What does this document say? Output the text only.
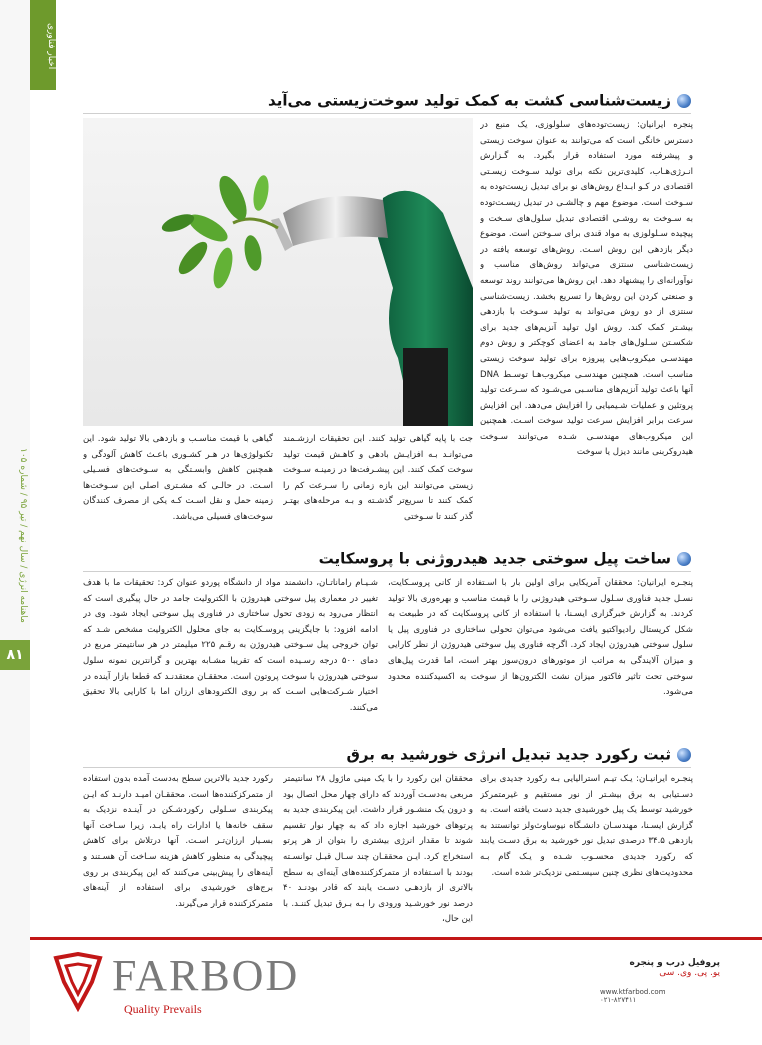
اخبار فناوری
ماهنامه انرژی / سال نهم / تیر ۹۵ / شماره ۱۰۵
۸۱
زیست‌شناسی کشت به کمک تولید سوخت‌زیستی می‌آید
پنجره ایرانیان: زیست‌توده‌های سلولوزی، یک منبع در دسترس خانگی است که می‌توانند به عنوان سوخت زیستی و پیشرفته مورد استفاده قرار بگیرد. به گـزارش انـرژی‌هـاب، کلیدی‌ترین نکته برای تولید سـوخت زیسـتی اقتصادی در کـو ابـداع روش‌های نو برای تبدیل زیست‌توده به سـوخت است. موضوع مهم و چالشـی در تبدیل زیسـت‌توده به سـوخت به روشـی اقتصادی تبدیل سلول‌های سـخت و پیچیده سـلولوزی به مواد قندی برای سـوختن است. موضوع دیگر بازدهی این روش اسـت. روش‌های توسعه یافته در زیست‌شناسی سنتزی می‌تواند روش‌های مناسب و نوآورانه‌ای را پیشنهاد دهد. این روش‌ها می‌توانند روند توسعه و صنعتی کردن این روش‌ها را تسریع بخشد. زیست‌شناسی سنتزی از دو روش می‌تواند به تولید سـوخت با بازدهی بیشـتر کمک کند. روش اول تولید آنزیم‌های جدید برای شکسـتن سـلول‌های جامد به اعضای کوچکتر و روش دوم مهندسـی میکروب‌هایی پیروزه برای تولید سوخت زیستی مناسب است. همچنین مهندسـی میکروب‌هـا توسـط DNA آنها باعث تولید آنزیم‌های مناسـبی می‌شـود که سـرعت تولید پروتئین و عملیات شـیمیایی را افزایش می‌دهد. این افزایش سرعت برابر افزایش سرعت تولید سوخت اسـت. همچنین این میکروب‌های مهندسـی شـده می‌توانند سـوخت هیدروکربنی مانند دیزل یا سوخت
جت با پایه گیاهی تولید کنند. این تحقیقات ارزشـمند می‌توانـد بـه افزایـش بادهی و کاهـش قیمت تولید سوخت کمک کنند. این پیشـرفت‌ها در زمینـه سـوخت زیستی می‌توانند این بازه زمانی را سـرعت کم را کمک کنند تا سریع‌تر گذشـته و بـه مرحله‌های بهتـر گذر کنند تا سـوختی
گیاهی با قیمت مناسـب و بازدهی بالا تولید شود. این تکنولوژی‌ها در هـر کشـوری باعـث کاهش آلودگی و همچنین کاهش وابسـتگی به سـوخت‌های فسـیلی اسـت. در حالـی که مشـتری اصلی این سـوخت‌ها زمینه حمل و نقل اسـت کـه یکی از مصرف کنندگان سوخت‌های فسیلی می‌باشد.
ساخت پیل سوختی جدید هیدروژنی با پروسکایت
پنجـره ایرانیان: محققان آمریکایی برای اولین بار با اسـتفاده از کانی پروسـکایت، نسـل جدید فناوری سـلول سـوختی هیدروژنی را با قیمت مناسب و بهره‌وری بالا تولید کردند. به گزارش خبرگزاری ایسـنا، با استفاده از کانی پروسکایت که در طبیعت به شکل کریستال رادیواکتیو یافت می‌شود می‌توان تحولی ساختاری در فناوری پیل یا سلول سوختی هیدروژن ایجاد کرد. اگرچه فناوری پیل سوختی هیدروژن از نظر کارایی و میزان آلایندگی به مراتب از موتورهای درون‌سوز بهتر است، اما قدرت پیل‌های سوختی تحت تاثیر فاکتور میزان نشت الکترون‌ها از سوخت به اکسیدکننده محدود می‌شود.
شـیـام راماناتـان، دانشمند مواد از دانشگاه پوردو عنوان کرد: تحقیقات ما با هدف تغییر در معماری پیل سوختی هیدروژن با الکترولیت جامد در حال پیگیری است که انتظار می‌رود به زودی تحول ساختاری در فناوری پیل سوختی ایجاد شود. وی در ادامه افزود: با جایگزینی پروسـکایت به جای محلول الکترولیت مشخص شـد که توان خروجی پیل سـوختی هیدروژن به رقـم ۲۲۵ میلیمتر در هر سانتیمتر مربع در دمای ۵۰۰ درجه رسـیده است که تقریبا مشـابه بهترین و گرانترین نمونه سلول سوختی هیدروژن با سوخت پروتون است. محققـان معتقدنـد که قطعا بازار آینده در اختیار شـرکت‌هایی اسـت که بر روی الکترودهای ارزان اما با کارایی بالا تحقیق می‌کنند.
ثبت رکورد جدید تبدیل انرژی خورشید به برق
پنجـره ایرانیـان: یـک تیـم استرالیایی بـه رکورد جدیدی برای دسـتیابی به برق بیشـتر از نور مستقیم و غیرمتمرکز خورشید توسط یک پیل خورشیدی جدید دست یافته است. به گزارش ایسـنا، مهندسـان دانشـگاه نیوساوث‌ولز توانستند به بازدهی ۳۴.۵ درصدی تبدیل نور خورشید به برق دسـت یابند که رکورد جدیدی محسـوب شـده و یـک گام بـه محدودیت‌های نظری چنین سیسـتمی نزدیک‌تر شده است.
محققان این رکورد را با یک مینی ماژول ۲۸ سانتیمتر مربعی به‌دسـت آوردند که دارای چهار محل اتصال بود و درون یک منشـور قرار داشت. این پیکربندی جدید به پرتوهای خورشید اجازه داد که به چهار نوار تقسیم شوند تا مقدار انرژی بیشتری را بتوان از هر پرتو استخراج کرد. ایـن محققـان چند سـال قبـل توانسـته بودند با اسـتفاده از متمرکزکننده‌های آینه‌ای به سطح بالاتری از بازدهـی دسـت یابند که قادر بودنـد ۴۰ درصد نور خورشـید ورودی را بـه بـرق تبدیل کننـد. با این حال،
رکورد جدید بالاترین سطح به‌دست آمده بدون استفاده از متمرکزکننده‌ها است. محققـان امیـد دارنـد که ایـن پیکربندی سـلولی رکوردشـکن در آینـده نزدیک به سقف خانه‌ها یا ادارات راه یابـد، زیرا سـاخت آنها بسـیار ارزان‌تـر اسـت. آنها درتلاش برای کاهش پیچیدگی به منظور کاهش هزینه سـاخت آن هسـتند و آینه‌های را پیش‌بینی می‌کنند که این پیکربندی بر روی برج‌های خورشیدی برای استفاده از آینه‌های متمرکزکننده قرار می‌گیرند.
FARBOD
Quality Prevails
پروفیل درب و پنجره
یو. پی. وی. سی
www.ktfarbod.com
۰۲۱-۸۲۷۴۱۱
